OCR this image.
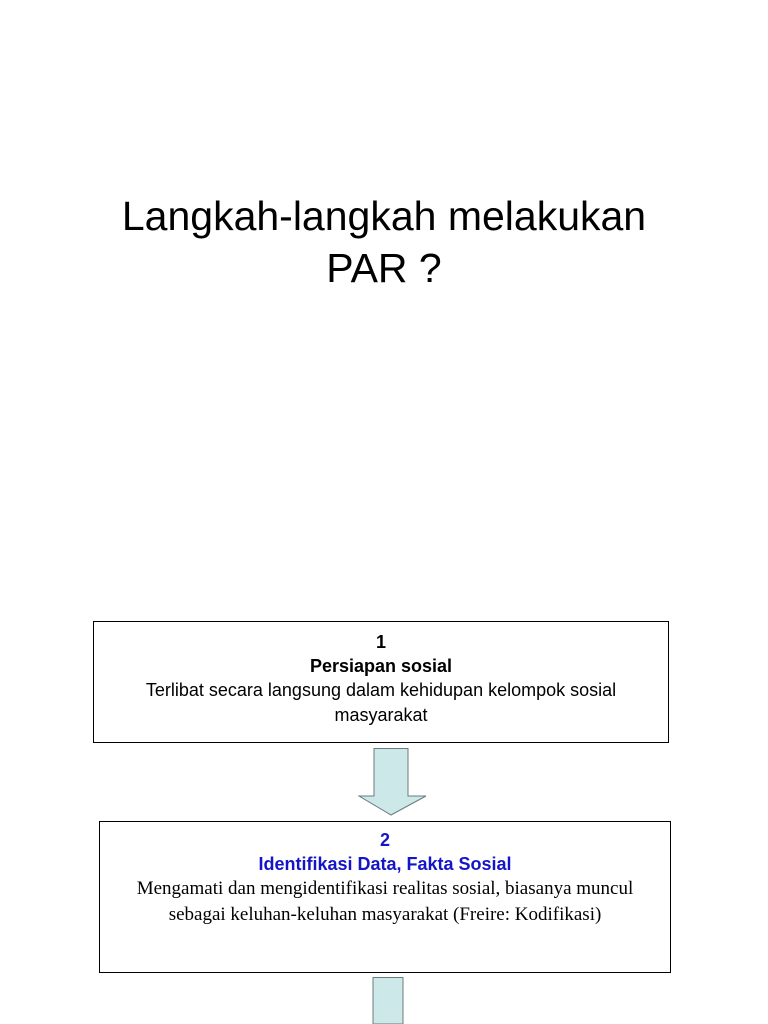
Langkah-langkah melakukan
PAR ?
1
Persiapan sosial
Terlibat secara langsung dalam kehidupan kelompok sosial masyarakat
2
Identifikasi Data, Fakta Sosial
Mengamati dan mengidentifikasi realitas sosial, biasanya muncul sebagai keluhan-keluhan masyarakat (Freire: Kodifikasi)
